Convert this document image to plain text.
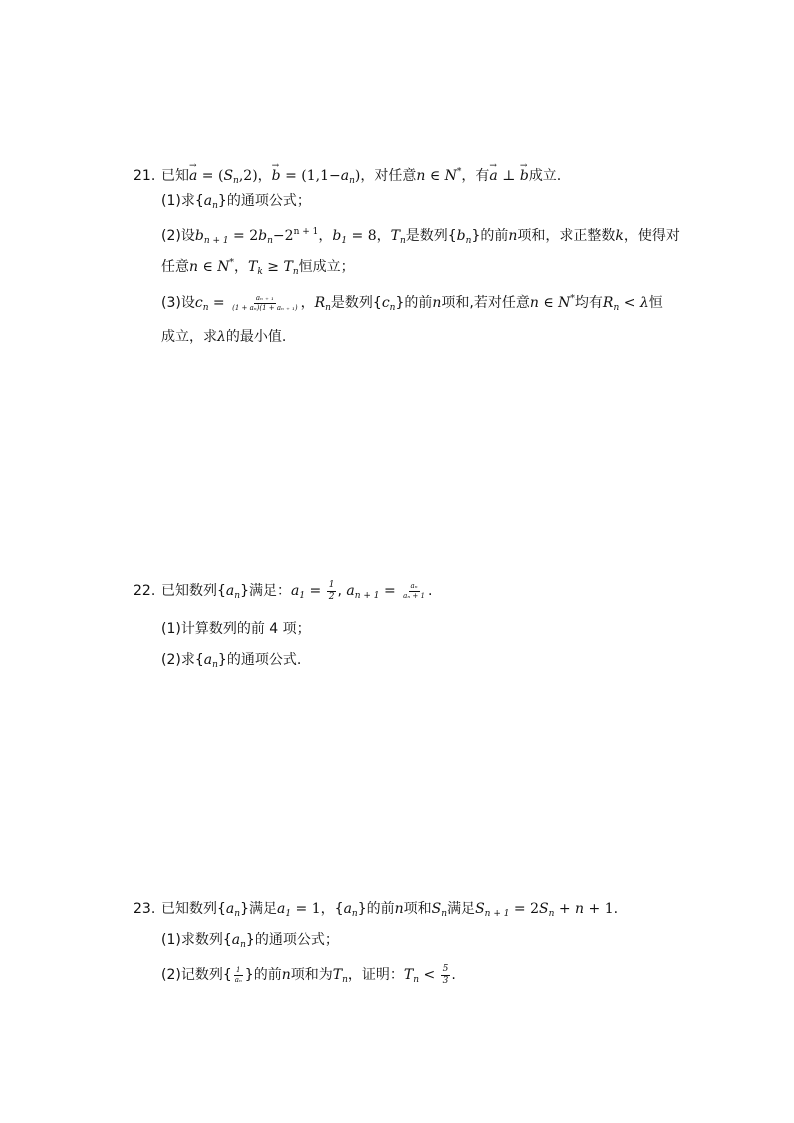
21. 已知→ $a = (S_n,2)$，→ $b = (1,1-a_n)$，对任意n ∈ N*，有→ a ⊥ → b成立.
(1)求$\{a_n\}$的通项公式；
(2)设$b_{n + 1} = 2b_n-2^{n + 1}$，$b_1 = 8$，$T_n$是数列$\{b_n\}$的前n项和，求正整数k，使得对
任意n ∈ N*，$T_k \ge T_n$恒成立；
(3)设$c_n = \frac{\text{aₙ ₊ ₁}}{\text{(1 + aₙ)(1 + aₙ ₊ ₁)}}$ ，$R_n$是数列$\{c_n\}$的前n项和,若对任意n ∈ N*均有$R_n < \lambda$恒
成立，求λ的最小值.
22. 已知数列$\{a_n\}$满足：$a_1 = \frac{1}{2}$ , $a_{n + 1} = \frac{\text{aₙ}}{\text{aₙ + 1}}$ .
(1)计算数列的前 4 项；
(2)求$\{a_n\}$的通项公式.
23. 已知数列$\{a_n\}$满足$a_1 = 1$，$\{a_n\}$的前n项和$S_n$满足$S_{n + 1} = 2S_n + n + 1$.
(1)求数列$\{a_n\}$的通项公式；
(2)记数列{ $\frac{1}{\text{aₙ}}$ }的前n项和为$T_n$，证明：$T_n < \frac{5}{3}$ .
